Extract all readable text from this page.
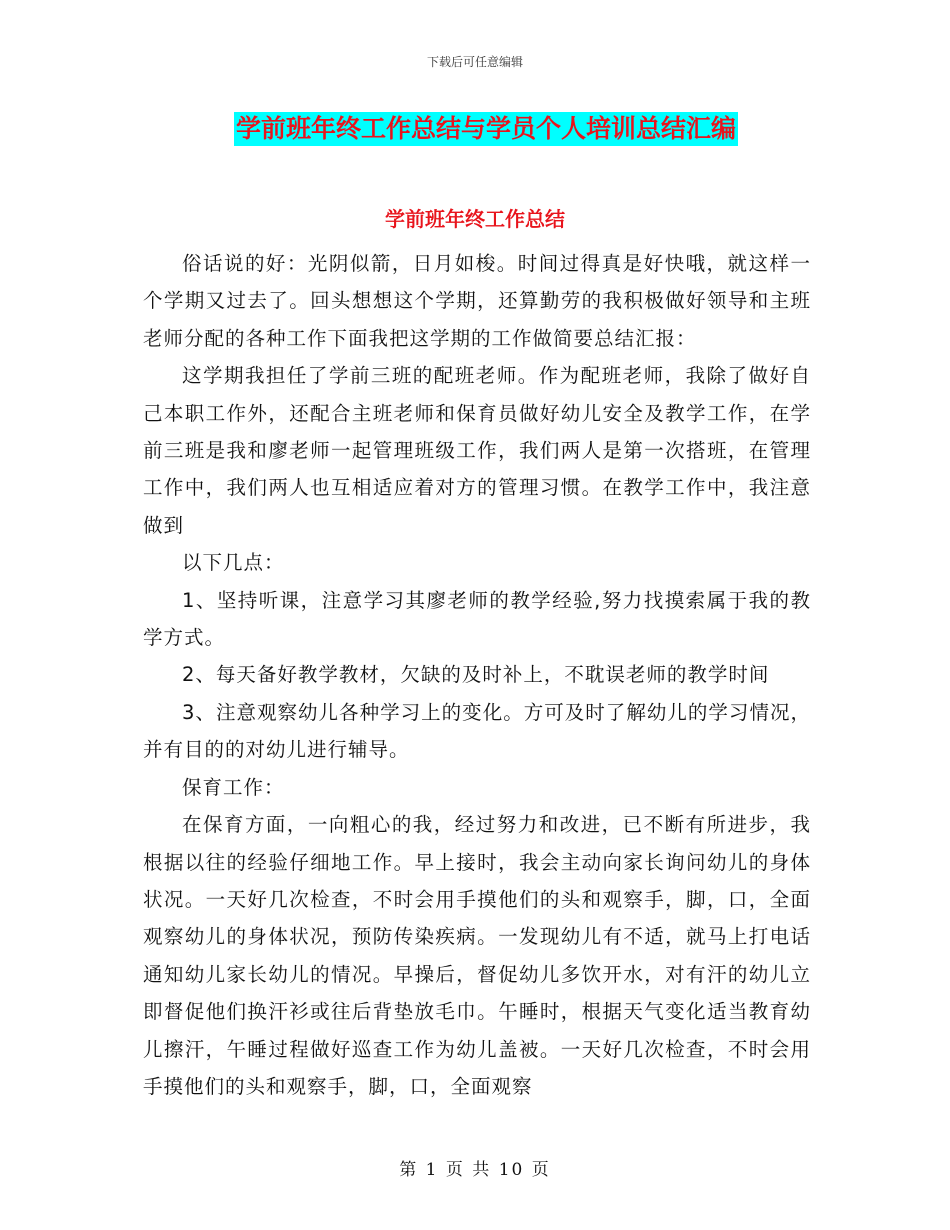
下载后可任意编辑
学前班年终工作总结与学员个人培训总结汇编
学前班年终工作总结

俗话说的好：光阴似箭，日月如梭。时间过得真是好快哦，就这样一个学期又过去了。回头想想这个学期，还算勤劳的我积极做好领导和主班老师分配的各种工作下面我把这学期的工作做简要总结汇报：

这学期我担任了学前三班的配班老师。作为配班老师，我除了做好自己本职工作外，还配合主班老师和保育员做好幼儿安全及教学工作，在学前三班是我和廖老师一起管理班级工作，我们两人是第一次搭班，在管理工作中，我们两人也互相适应着对方的管理习惯。在教学工作中，我注意做到

以下几点：

1、坚持听课，注意学习其廖老师的教学经验,努力找摸索属于我的教学方式。

2、每天备好教学教材，欠缺的及时补上，不耽误老师的教学时间

3、注意观察幼儿各种学习上的变化。方可及时了解幼儿的学习情况，并有目的的对幼儿进行辅导。

保育工作：

在保育方面，一向粗心的我，经过努力和改进，已不断有所进步，我根据以往的经验仔细地工作。早上接时，我会主动向家长询问幼儿的身体状况。一天好几次检查，不时会用手摸他们的头和观察手，脚，口，全面观察幼儿的身体状况，预防传染疾病。一发现幼儿有不适，就马上打电话通知幼儿家长幼儿的情况。早操后，督促幼儿多饮开水，对有汗的幼儿立即督促他们换汗衫或往后背垫放毛巾。午睡时，根据天气变化适当教育幼儿擦汗，午睡过程做好巡查工作为幼儿盖被。一天好几次检查，不时会用手摸他们的头和观察手，脚，口，全面观察

第 1 页 共 10 页
